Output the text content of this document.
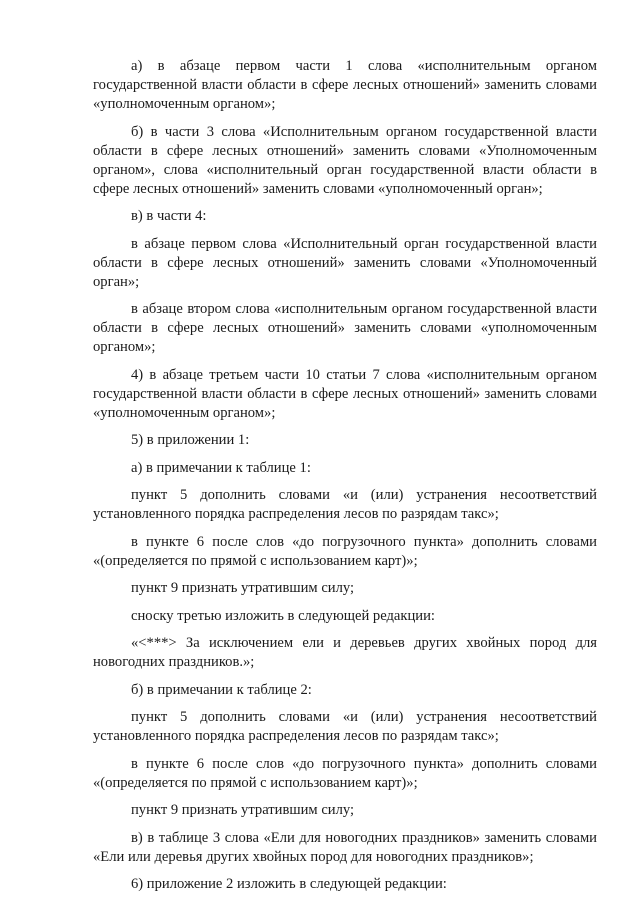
а) в абзаце первом части 1 слова «исполнительным органом государственной власти области в сфере лесных отношений» заменить словами «уполномоченным органом»;

б) в части 3 слова «Исполнительным органом государственной власти области в сфере лесных отношений» заменить словами «Уполномоченным органом», слова «исполнительный орган государственной власти области в сфере лесных отношений» заменить словами «уполномоченный орган»;

в) в части 4:

в абзаце первом слова «Исполнительный орган государственной власти области в сфере лесных отношений» заменить словами «Уполномоченный орган»;

в абзаце втором слова «исполнительным органом государственной власти области в сфере лесных отношений» заменить словами «уполномоченным органом»;

4) в абзаце третьем части 10 статьи 7 слова «исполнительным органом государственной власти области в сфере лесных отношений» заменить словами «уполномоченным органом»;

5) в приложении 1:

а) в примечании к таблице 1:

пункт 5 дополнить словами «и (или) устранения несоответствий установленного порядка распределения лесов по разрядам такс»;

в пункте 6 после слов «до погрузочного пункта» дополнить словами «(определяется по прямой с использованием карт)»;

пункт 9 признать утратившим силу;

сноску третью изложить в следующей редакции:

«<***> За исключением ели и деревьев других хвойных пород для новогодних праздников.»;

б) в примечании к таблице 2:

пункт 5 дополнить словами «и (или) устранения несоответствий установленного порядка распределения лесов по разрядам такс»;

в пункте 6 после слов «до погрузочного пункта» дополнить словами «(определяется по прямой с использованием карт)»;

пункт 9 признать утратившим силу;

в) в таблице 3 слова «Ели для новогодних праздников» заменить словами «Ели или деревья других хвойных пород для новогодних праздников»;

6) приложение 2 изложить в следующей редакции:
